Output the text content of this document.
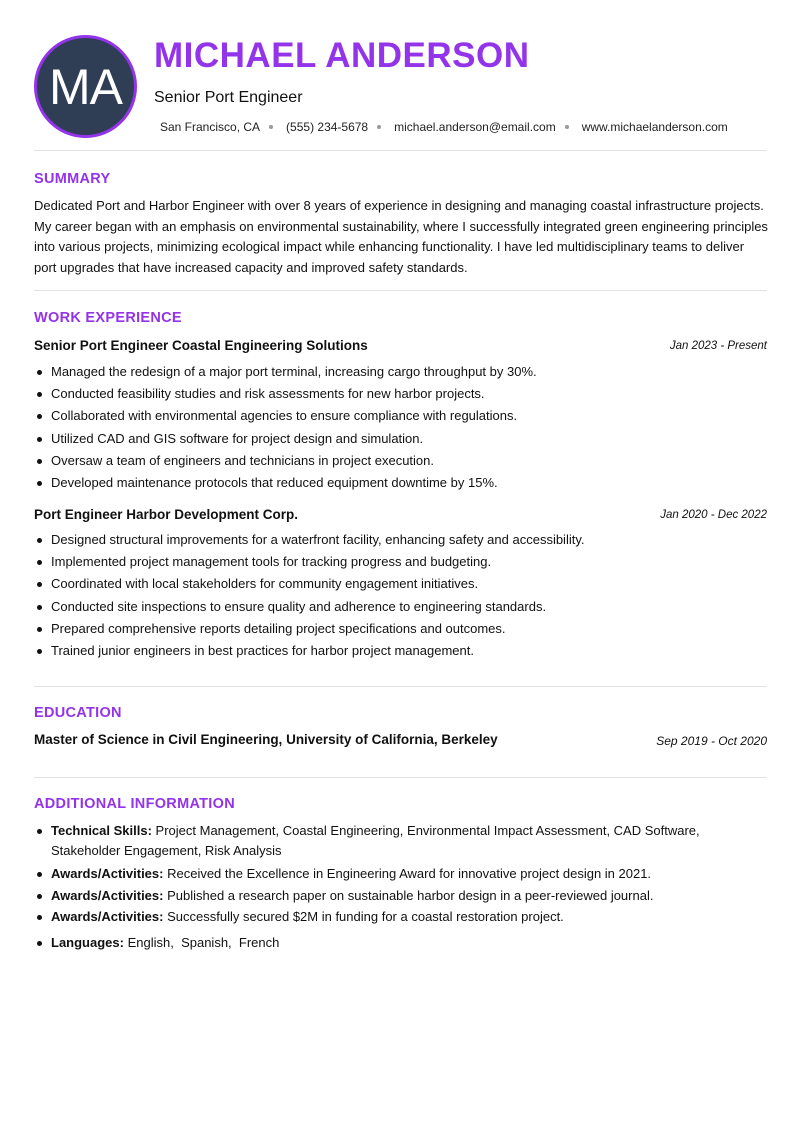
MA
MICHAEL ANDERSON
Senior Port Engineer
San Francisco, CA (555) 234-5678 michael.anderson@email.com www.michaelanderson.com
SUMMARY
Dedicated Port and Harbor Engineer with over 8 years of experience in designing and managing coastal infrastructure projects. My career began with an emphasis on environmental sustainability, where I successfully integrated green engineering principles into various projects, minimizing ecological impact while enhancing functionality. I have led multidisciplinary teams to deliver port upgrades that have increased capacity and improved safety standards.
WORK EXPERIENCE
Senior Port Engineer Coastal Engineering Solutions	Jan 2023 - Present
Managed the redesign of a major port terminal, increasing cargo throughput by 30%.
Conducted feasibility studies and risk assessments for new harbor projects.
Collaborated with environmental agencies to ensure compliance with regulations.
Utilized CAD and GIS software for project design and simulation.
Oversaw a team of engineers and technicians in project execution.
Developed maintenance protocols that reduced equipment downtime by 15%.
Port Engineer Harbor Development Corp.	Jan 2020 - Dec 2022
Designed structural improvements for a waterfront facility, enhancing safety and accessibility.
Implemented project management tools for tracking progress and budgeting.
Coordinated with local stakeholders for community engagement initiatives.
Conducted site inspections to ensure quality and adherence to engineering standards.
Prepared comprehensive reports detailing project specifications and outcomes.
Trained junior engineers in best practices for harbor project management.
EDUCATION
Master of Science in Civil Engineering, University of California, Berkeley	Sep 2019 - Oct 2020
ADDITIONAL INFORMATION
Technical Skills: Project Management, Coastal Engineering, Environmental Impact Assessment, CAD Software, Stakeholder Engagement, Risk Analysis
Awards/Activities: Received the Excellence in Engineering Award for innovative project design in 2021.
Awards/Activities: Published a research paper on sustainable harbor design in a peer-reviewed journal.
Awards/Activities: Successfully secured $2M in funding for a coastal restoration project.
Languages: English,  Spanish,  French
